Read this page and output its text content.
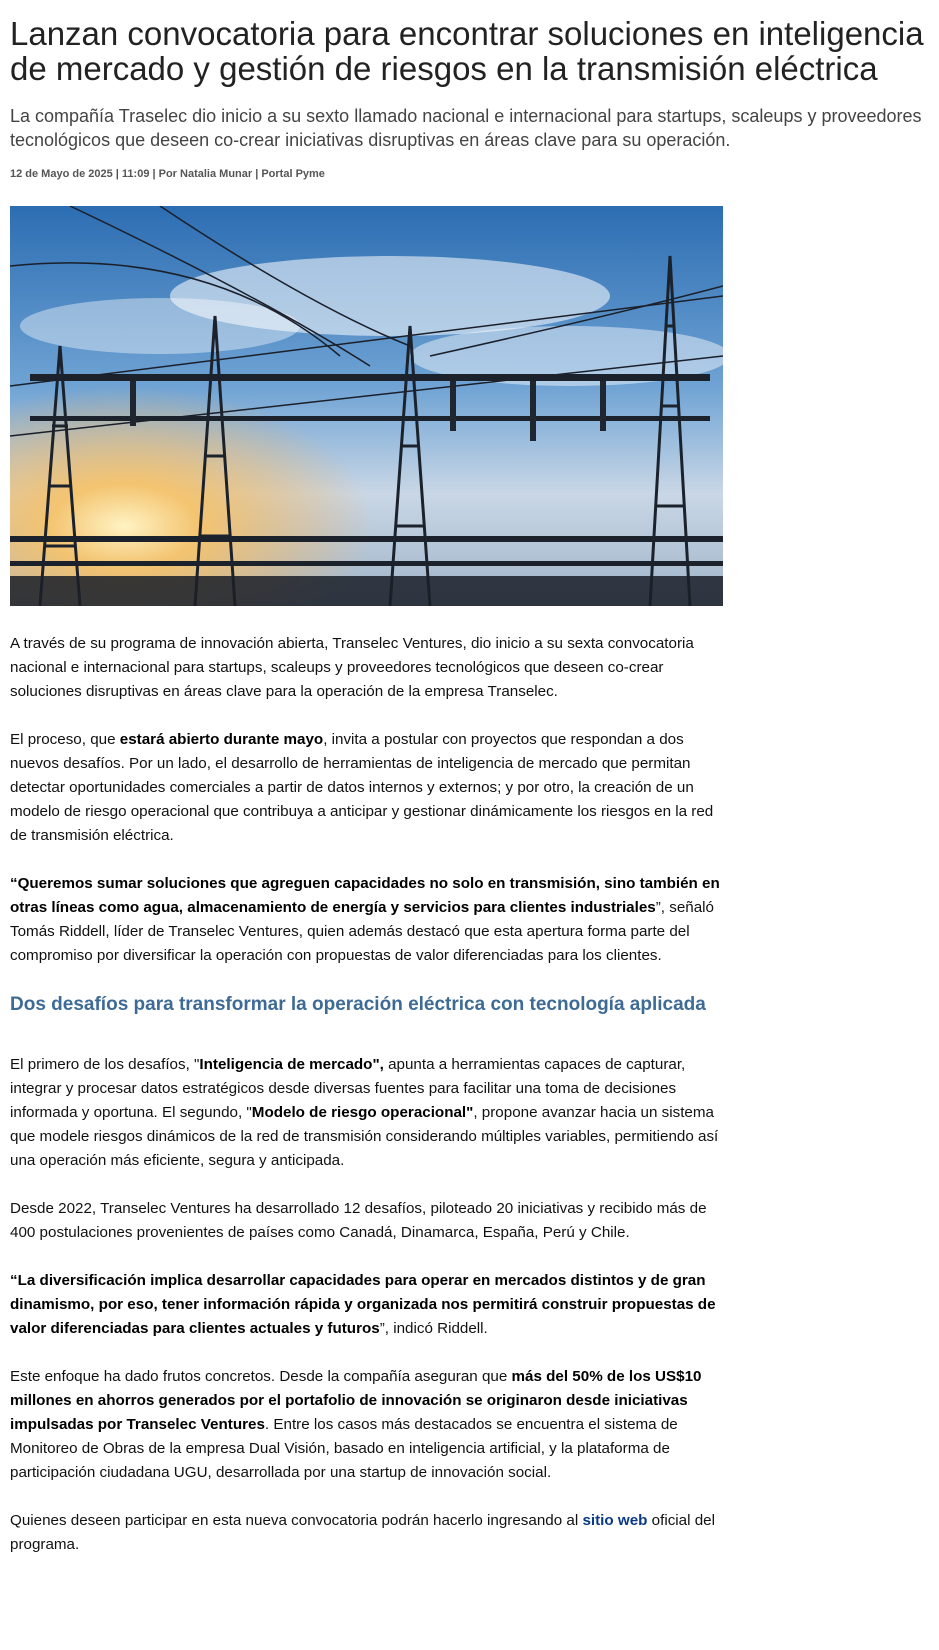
Lanzan convocatoria para encontrar soluciones en inteligencia de mercado y gestión de riesgos en la transmisión eléctrica

La compañía Traselec dio inicio a su sexto llamado nacional e internacional para startups, scaleups y proveedores tecnológicos que deseen co-crear iniciativas disruptivas en áreas clave para su operación.

12 de Mayo de 2025 | 11:09 | Por Natalia Munar | Portal Pyme

A través de su programa de innovación abierta, Transelec Ventures, dio inicio a su sexta convocatoria nacional e internacional para startups, scaleups y proveedores tecnológicos que deseen co-crear soluciones disruptivas en áreas clave para la operación de la empresa Transelec.

El proceso, que estará abierto durante mayo, invita a postular con proyectos que respondan a dos nuevos desafíos. Por un lado, el desarrollo de herramientas de inteligencia de mercado que permitan detectar oportunidades comerciales a partir de datos internos y externos; y por otro, la creación de un modelo de riesgo operacional que contribuya a anticipar y gestionar dinámicamente los riesgos en la red de transmisión eléctrica.

“Queremos sumar soluciones que agreguen capacidades no solo en transmisión, sino también en otras líneas como agua, almacenamiento de energía y servicios para clientes industriales”, señaló Tomás Riddell, líder de Transelec Ventures, quien además destacó que esta apertura forma parte del compromiso por diversificar la operación con propuestas de valor diferenciadas para los clientes.

Dos desafíos para transformar la operación eléctrica con tecnología aplicada

El primero de los desafíos, "Inteligencia de mercado", apunta a herramientas capaces de capturar, integrar y procesar datos estratégicos desde diversas fuentes para facilitar una toma de decisiones informada y oportuna. El segundo, "Modelo de riesgo operacional", propone avanzar hacia un sistema que modele riesgos dinámicos de la red de transmisión considerando múltiples variables, permitiendo así una operación más eficiente, segura y anticipada.

Desde 2022, Transelec Ventures ha desarrollado 12 desafíos, piloteado 20 iniciativas y recibido más de 400 postulaciones provenientes de países como Canadá, Dinamarca, España, Perú y Chile.

“La diversificación implica desarrollar capacidades para operar en mercados distintos y de gran dinamismo, por eso, tener información rápida y organizada nos permitirá construir propuestas de valor diferenciadas para clientes actuales y futuros”, indicó Riddell.

Este enfoque ha dado frutos concretos. Desde la compañía aseguran que más del 50% de los US$10 millones en ahorros generados por el portafolio de innovación se originaron desde iniciativas impulsadas por Transelec Ventures. Entre los casos más destacados se encuentra el sistema de Monitoreo de Obras de la empresa Dual Visión, basado en inteligencia artificial, y la plataforma de participación ciudadana UGU, desarrollada por una startup de innovación social.

Quienes deseen participar en esta nueva convocatoria podrán hacerlo ingresando al sitio web oficial del programa.
